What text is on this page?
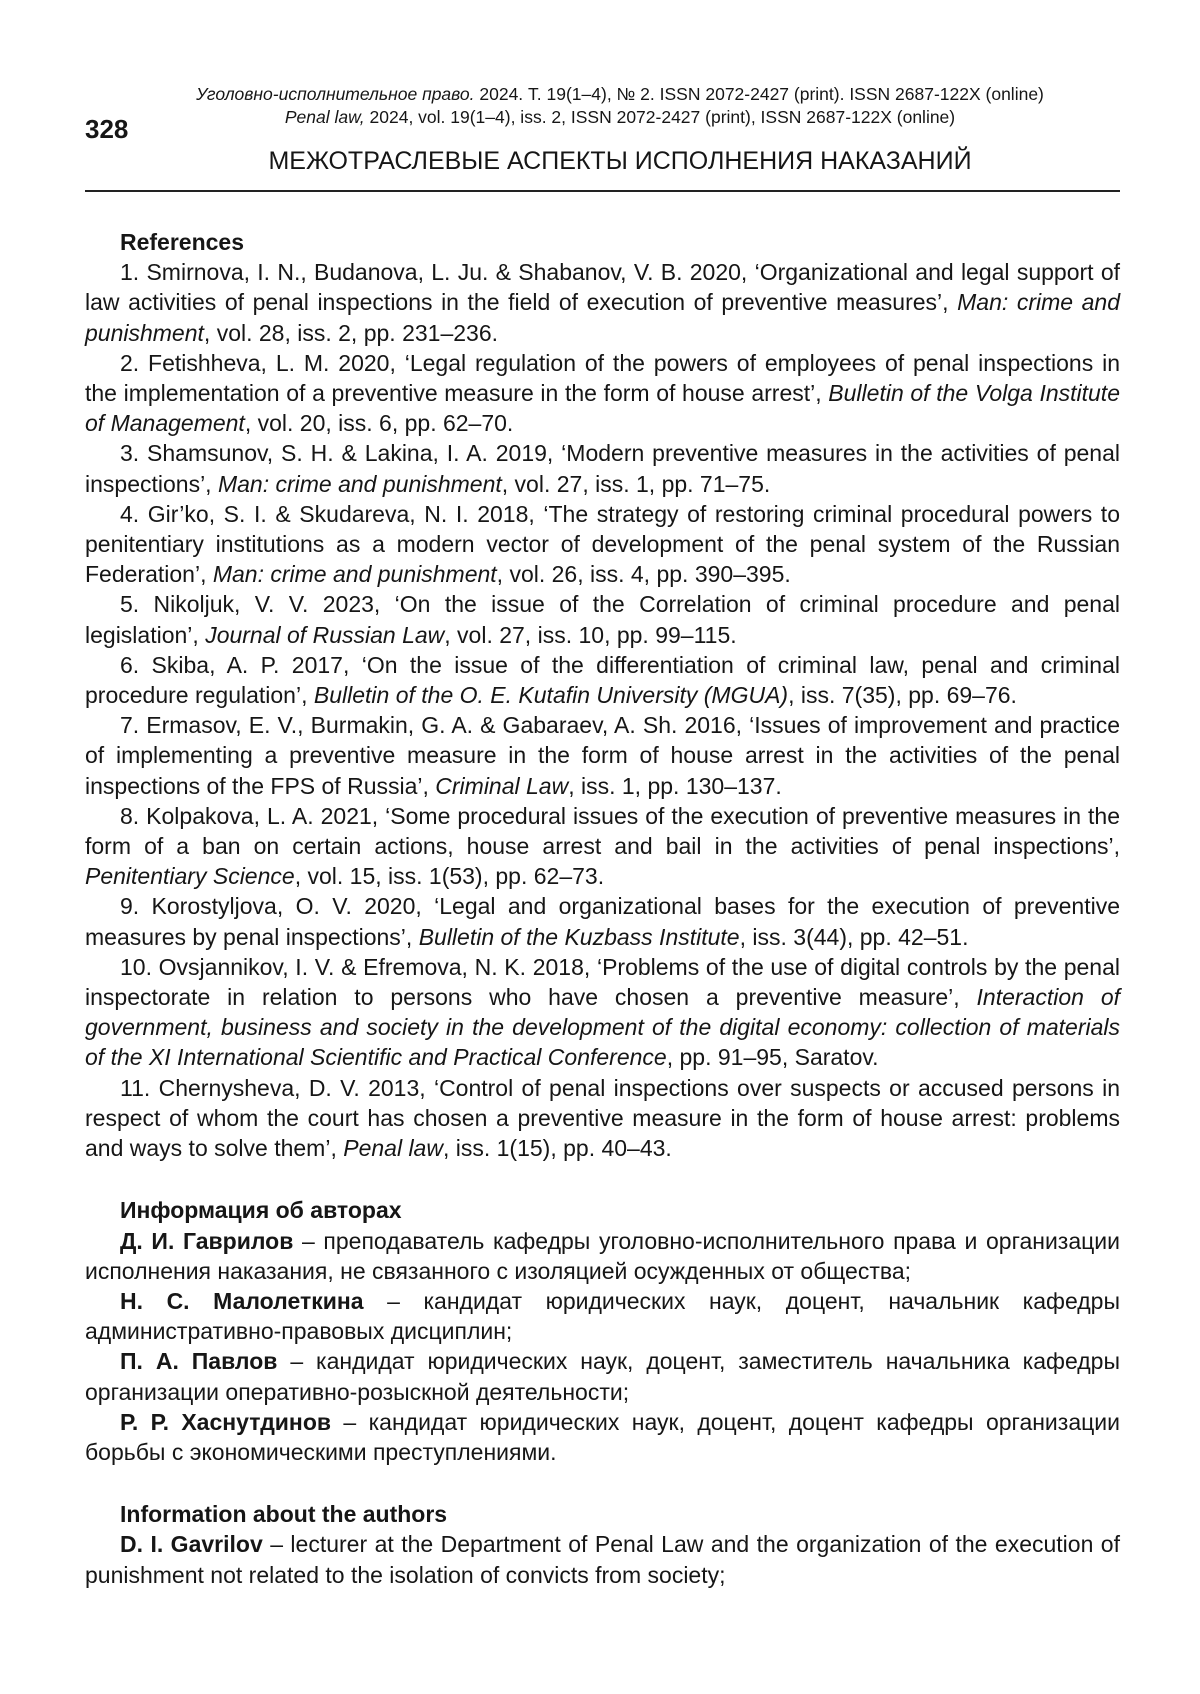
328
Уголовно-исполнительное право. 2024. Т. 19(1–4), № 2. ISSN 2072-2427 (print). ISSN 2687-122X (online)
Penal law, 2024, vol. 19(1–4), iss. 2, ISSN 2072-2427 (print), ISSN 2687-122X (online)
МЕЖОТРАСЛЕВЫЕ АСПЕКТЫ ИСПОЛНЕНИЯ НАКАЗАНИЙ
References

1. Smirnova, I. N., Budanova, L. Ju. & Shabanov, V. B. 2020, ‘Organizational and legal support of law activities of penal inspections in the field of execution of preventive measures’, Man: crime and punishment, vol. 28, iss. 2, pp. 231–236.

2. Fetishheva, L. M. 2020, ‘Legal regulation of the powers of employees of penal inspections in the implementation of a preventive measure in the form of house arrest’, Bulletin of the Volga Institute of Management, vol. 20, iss. 6, pp. 62–70.

3. Shamsunov, S. H. & Lakina, I. A. 2019, ‘Modern preventive measures in the activities of penal inspections’, Man: crime and punishment, vol. 27, iss. 1, pp. 71–75.

4. Gir’ko, S. I. & Skudareva, N. I. 2018, ‘The strategy of restoring criminal procedural powers to penitentiary institutions as a modern vector of development of the penal system of the Russian Federation’, Man: crime and punishment, vol. 26, iss. 4, pp. 390–395.

5. Nikoljuk, V. V. 2023, ‘On the issue of the Correlation of criminal procedure and penal legislation’, Journal of Russian Law, vol. 27, iss. 10, pp. 99–115.

6. Skiba, A. P. 2017, ‘On the issue of the differentiation of criminal law, penal and criminal procedure regulation’, Bulletin of the O. E. Kutafin University (MGUA), iss. 7(35), pp. 69–76.

7. Ermasov, E. V., Burmakin, G. A. & Gabaraev, A. Sh. 2016, ‘Issues of improvement and practice of implementing a preventive measure in the form of house arrest in the activities of the penal inspections of the FPS of Russia’, Criminal Law, iss. 1, pp. 130–137.

8. Kolpakova, L. A. 2021, ‘Some procedural issues of the execution of preventive measures in the form of a ban on certain actions, house arrest and bail in the activities of penal inspections’, Penitentiary Science, vol. 15, iss. 1(53), pp. 62–73.

9. Korostyljova, O. V. 2020, ‘Legal and organizational bases for the execution of preventive measures by penal inspections’, Bulletin of the Kuzbass Institute, iss. 3(44), pp. 42–51.

10. Ovsjannikov, I. V. & Efremova, N. K. 2018, ‘Problems of the use of digital controls by the penal inspectorate in relation to persons who have chosen a preventive measure’, Interaction of government, business and society in the development of the digital economy: collection of materials of the XI International Scientific and Practical Conference, pp. 91–95, Saratov.

11. Chernysheva, D. V. 2013, ‘Control of penal inspections over suspects or accused persons in respect of whom the court has chosen a preventive measure in the form of house arrest: problems and ways to solve them’, Penal law, iss. 1(15), pp. 40–43.

Информация об авторах

Д. И. Гаврилов – преподаватель кафедры уголовно-исполнительного права и организации исполнения наказания, не связанного с изоляцией осужденных от общества;

Н. С. Малолеткина – кандидат юридических наук, доцент, начальник кафедры административно-правовых дисциплин;

П. А. Павлов – кандидат юридических наук, доцент, заместитель начальника кафедры организации оперативно-розыскной деятельности;

Р. Р. Хаснутдинов – кандидат юридических наук, доцент, доцент кафедры организации борьбы с экономическими преступлениями.

Information about the authors

D. I. Gavrilov – lecturer at the Department of Penal Law and the organization of the execution of punishment not related to the isolation of convicts from society;
